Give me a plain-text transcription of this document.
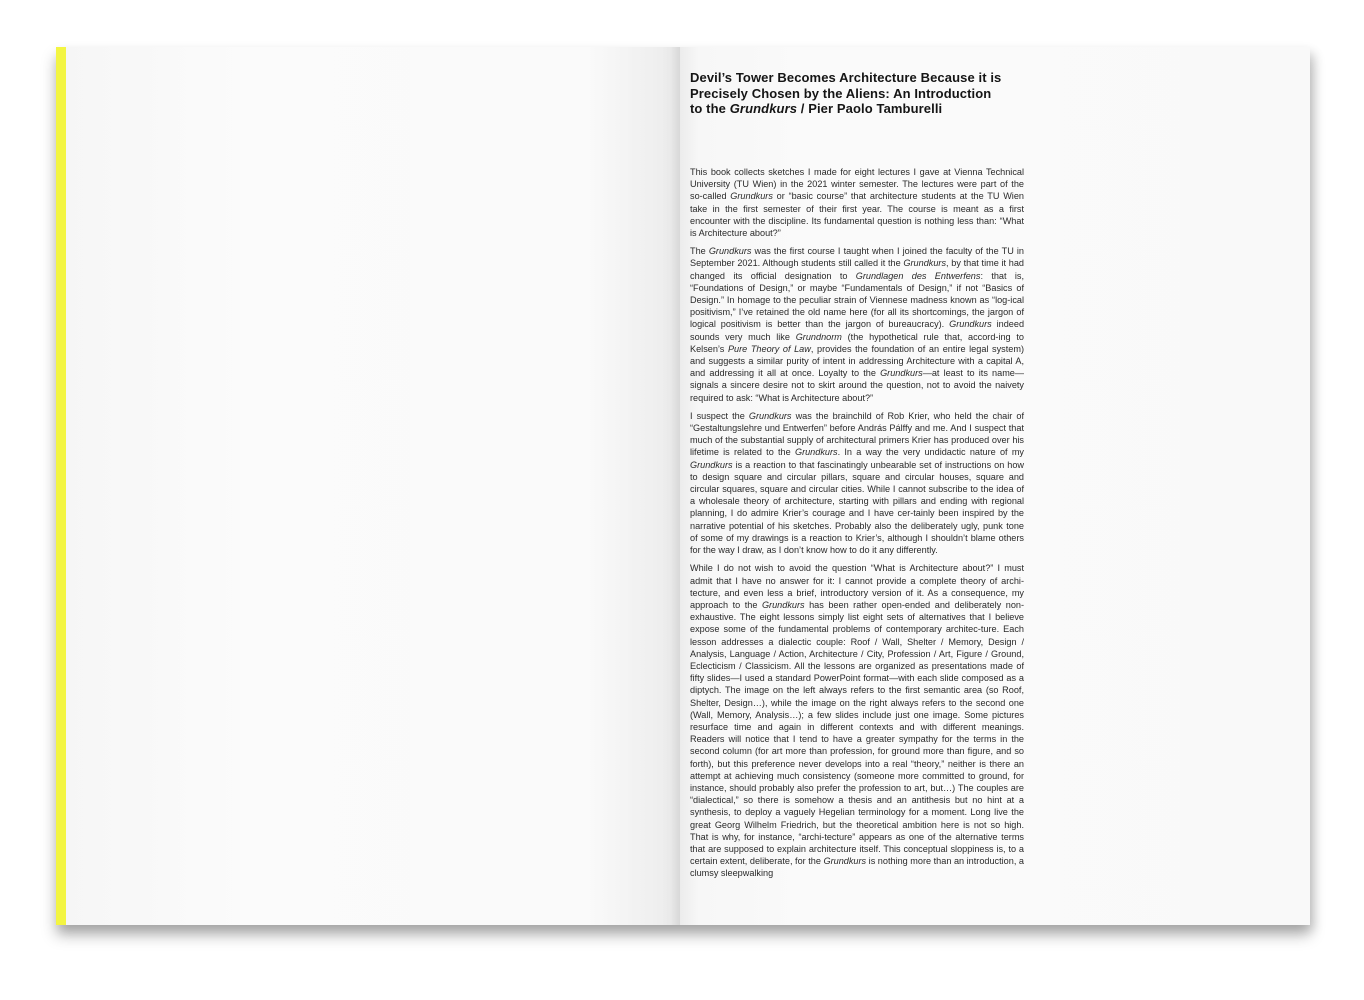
Devil’s Tower Becomes Architecture Because it is
Precisely Chosen by the Aliens: An Introduction
to the Grundkurs / Pier Paolo Tamburelli

This book collects sketches I made for eight lectures I gave at Vienna Technical University (TU Wien) in the 2021 winter semester. The lectures were part of the so-called Grundkurs or “basic course” that architecture students at the TU Wien take in the first semester of their first year. The course is meant as a first encounter with the discipline. Its fundamental question is nothing less than: “What is Architecture about?”

The Grundkurs was the first course I taught when I joined the faculty of the TU in September 2021. Although students still called it the Grundkurs, by that time it had changed its official designation to Grundlagen des Entwerfens: that is, “Foundations of Design,” or maybe “Fundamentals of Design,” if not “Basics of Design.” In homage to the peculiar strain of Viennese madness known as “log-ical positivism,” I’ve retained the old name here (for all its shortcomings, the jargon of logical positivism is better than the jargon of bureaucracy). Grundkurs indeed sounds very much like Grundnorm (the hypothetical rule that, accord-ing to Kelsen’s Pure Theory of Law, provides the foundation of an entire legal system) and suggests a similar purity of intent in addressing Architecture with a capital A, and addressing it all at once. Loyalty to the Grundkurs—at least to its name—signals a sincere desire not to skirt around the question, not to avoid the naivety required to ask: “What is Architecture about?”

I suspect the Grundkurs was the brainchild of Rob Krier, who held the chair of “Gestaltungslehre und Entwerfen” before András Pálffy and me. And I suspect that much of the substantial supply of architectural primers Krier has produced over his lifetime is related to the Grundkurs. In a way the very undidactic nature of my Grundkurs is a reaction to that fascinatingly unbearable set of instructions on how to design square and circular pillars, square and circular houses, square and circular squares, square and circular cities. While I cannot subscribe to the idea of a wholesale theory of architecture, starting with pillars and ending with regional planning, I do admire Krier’s courage and I have cer-tainly been inspired by the narrative potential of his sketches. Probably also the deliberately ugly, punk tone of some of my drawings is a reaction to Krier’s, although I shouldn’t blame others for the way I draw, as I don’t know how to do it any differently.

While I do not wish to avoid the question “What is Architecture about?” I must admit that I have no answer for it: I cannot provide a complete theory of archi-tecture, and even less a brief, introductory version of it. As a consequence, my approach to the Grundkurs has been rather open-ended and deliberately non-exhaustive. The eight lessons simply list eight sets of alternatives that I believe expose some of the fundamental problems of contemporary architec-ture. Each lesson addresses a dialectic couple: Roof / Wall, Shelter / Memory, Design / Analysis, Language / Action, Architecture / City, Profession / Art, Figure / Ground, Eclecticism / Classicism. All the lessons are organized as presentations made of fifty slides—I used a standard PowerPoint format—with each slide composed as a diptych. The image on the left always refers to the first semantic area (so Roof, Shelter, Design…), while the image on the right always refers to the second one (Wall, Memory, Analysis…); a few slides include just one image. Some pictures resurface time and again in different contexts and with different meanings. Readers will notice that I tend to have a greater sympathy for the terms in the second column (for art more than profession, for ground more than figure, and so forth), but this preference never develops into a real “theory,” neither is there an attempt at achieving much consistency (someone more committed to ground, for instance, should probably also prefer the profession to art, but…) The couples are “dialectical,” so there is somehow a thesis and an antithesis but no hint at a synthesis, to deploy a vaguely Hegelian terminology for a moment. Long live the great Georg Wilhelm Friedrich, but the theoretical ambition here is not so high. That is why, for instance, “archi-tecture” appears as one of the alternative terms that are supposed to explain architecture itself. This conceptual sloppiness is, to a certain extent, deliberate, for the Grundkurs is nothing more than an introduction, a clumsy sleepwalking
